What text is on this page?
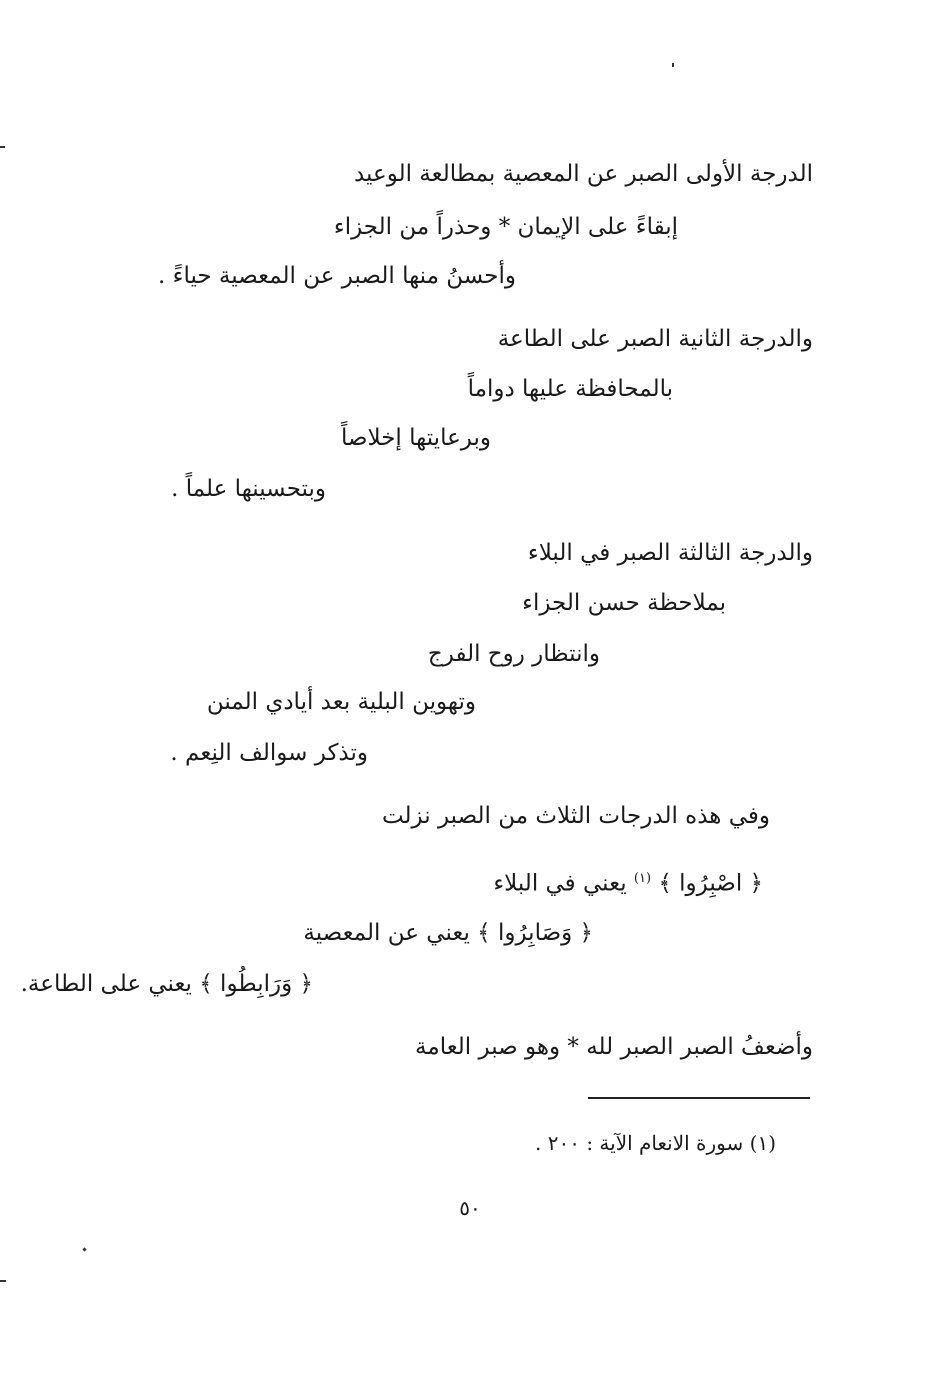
الدرجة الأولى الصبر عن المعصية بمطالعة الوعيد
إبقاءً على الإيمان * وحذراً من الجزاء
وأحسنُ منها الصبر عن المعصية حياءً .
والدرجة الثانية الصبر على الطاعة
بالمحافظة عليها دواماً
وبرعايتها إخلاصاً
وبتحسينها علماً .
والدرجة الثالثة الصبر في البلاء
بملاحظة حسن الجزاء
وانتظار روح الفرج
وتهوين البلية بعد أيادي المنن
وتذكر سوالف النِعم .
وفي هذه الدرجات الثلاث من الصبر نزلت
﴿ اصْبِرُوا ﴾ $^{(١)}$ يعني في البلاء
﴿ وَصَابِرُوا ﴾ يعني عن المعصية
﴿ وَرَابِطُوا ﴾ يعني على الطاعة.
وأضعفُ الصبر الصبر لله * وهو صبر العامة
(١) سورة الانعام الآية : ٢٠٠ .
٥٠
